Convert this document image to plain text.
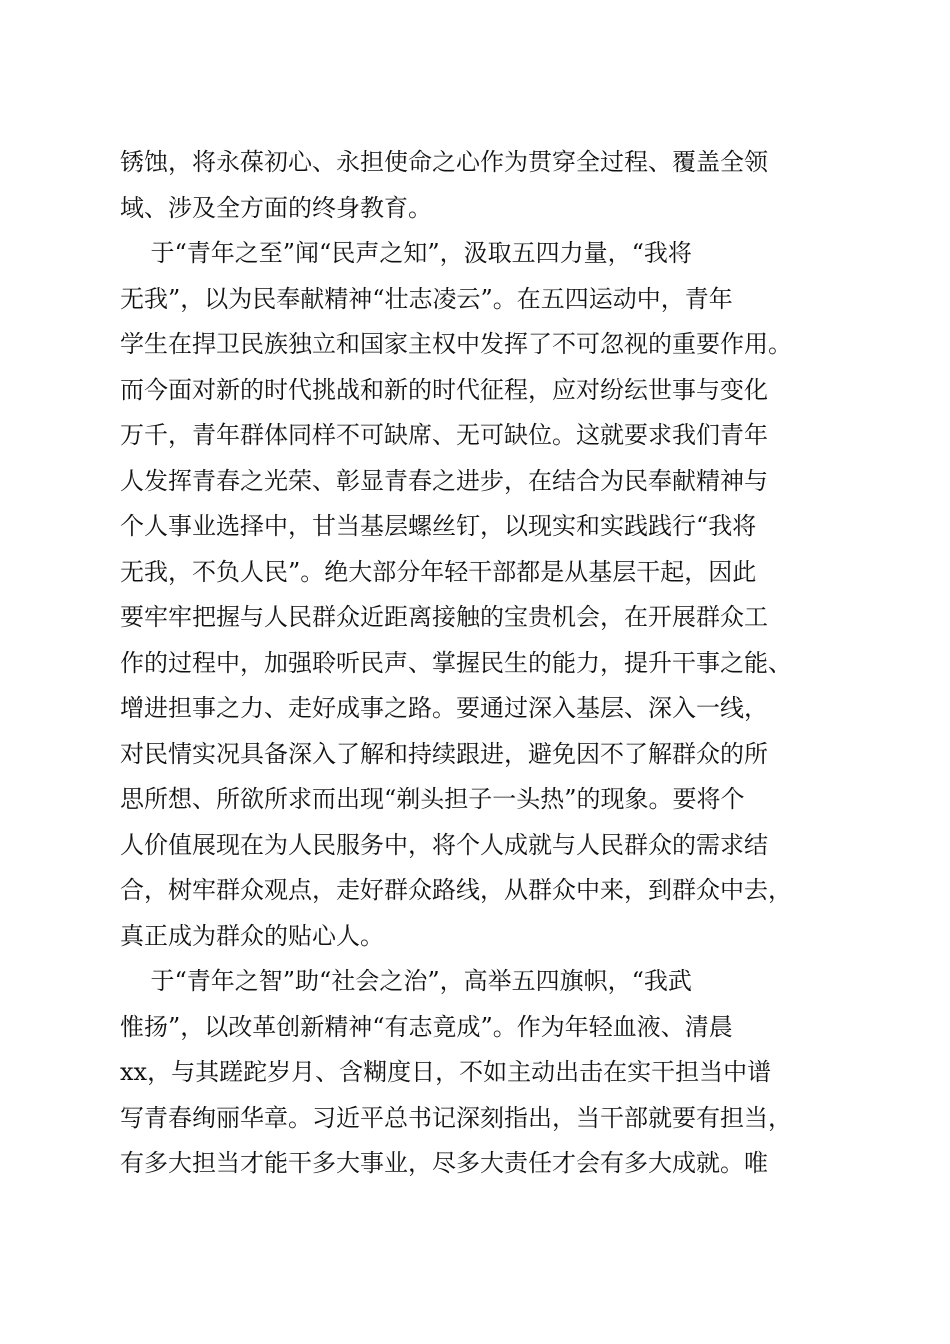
锈蚀，将永葆初心、永担使命之心作为贯穿全过程、覆盖全领
域、涉及全方面的终身教育。
于“青年之至”闻“民声之知”，汲取五四力量，“我将
无我”，以为民奉献精神“壮志凌云”。在五四运动中，青年
学生在捍卫民族独立和国家主权中发挥了不可忽视的重要作用。
而今面对新的时代挑战和新的时代征程，应对纷纭世事与变化
万千，青年群体同样不可缺席、无可缺位。这就要求我们青年
人发挥青春之光荣、彰显青春之进步，在结合为民奉献精神与
个人事业选择中，甘当基层螺丝钉，以现实和实践践行“我将
无我，不负人民”。绝大部分年轻干部都是从基层干起，因此
要牢牢把握与人民群众近距离接触的宝贵机会，在开展群众工
作的过程中，加强聆听民声、掌握民生的能力，提升干事之能、
增进担事之力、走好成事之路。要通过深入基层、深入一线，
对民情实况具备深入了解和持续跟进，避免因不了解群众的所
思所想、所欲所求而出现“剃头担子一头热”的现象。要将个
人价值展现在为人民服务中，将个人成就与人民群众的需求结
合，树牢群众观点，走好群众路线，从群众中来，到群众中去，
真正成为群众的贴心人。
于“青年之智”助“社会之治”，高举五四旗帜，“我武
惟扬”，以改革创新精神“有志竟成”。作为年轻血液、清晨
xx，与其蹉跎岁月、含糊度日，不如主动出击在实干担当中谱
写青春绚丽华章。习近平总书记深刻指出，当干部就要有担当，
有多大担当才能干多大事业，尽多大责任才会有多大成就。唯
